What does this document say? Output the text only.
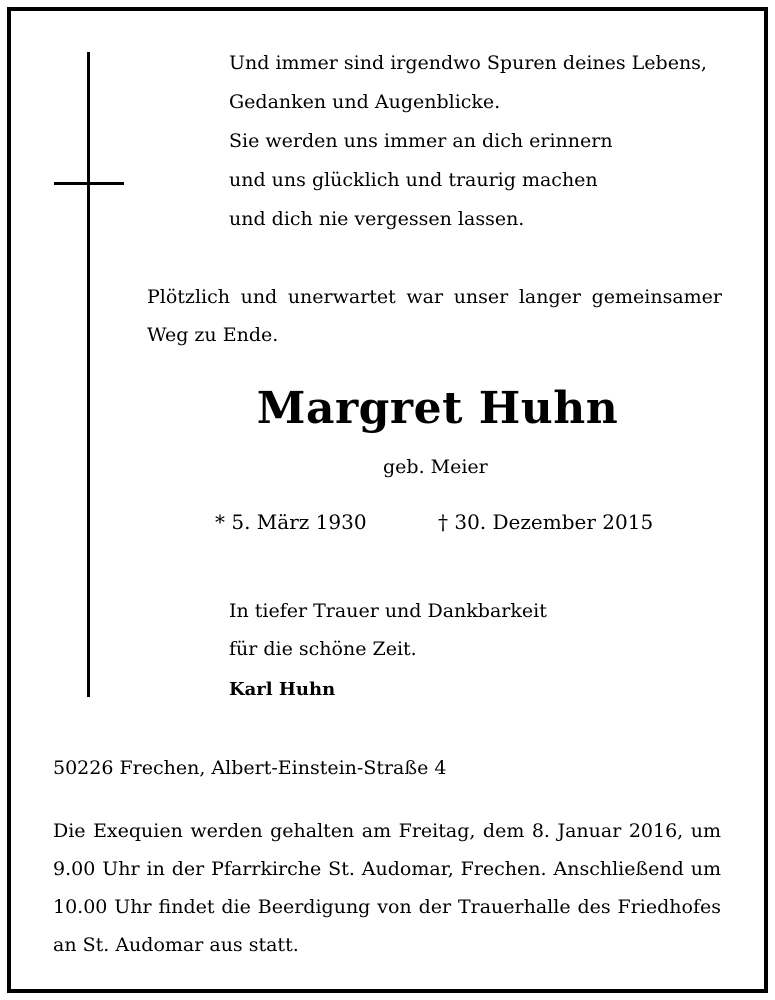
Und immer sind irgendwo Spuren deines Lebens,
Gedanken und Augenblicke.
Sie werden uns immer an dich erinnern
und uns glücklich und traurig machen
und dich nie vergessen lassen.
Plötzlich und unerwartet war unser langer gemeinsamer
Weg zu Ende.
Margret Huhn
geb. Meier
* 5. März 1930	† 30. Dezember 2015
In tiefer Trauer und Dankbarkeit
für die schöne Zeit.
Karl Huhn
50226 Frechen, Albert-Einstein-Straße 4
Die Exequien werden gehalten am Freitag, dem 8. Januar 2016, um
9.00 Uhr in der Pfarrkirche St. Audomar, Frechen. Anschließend um
10.00 Uhr findet die Beerdigung von der Trauerhalle des Friedhofes
an St. Audomar aus statt.
